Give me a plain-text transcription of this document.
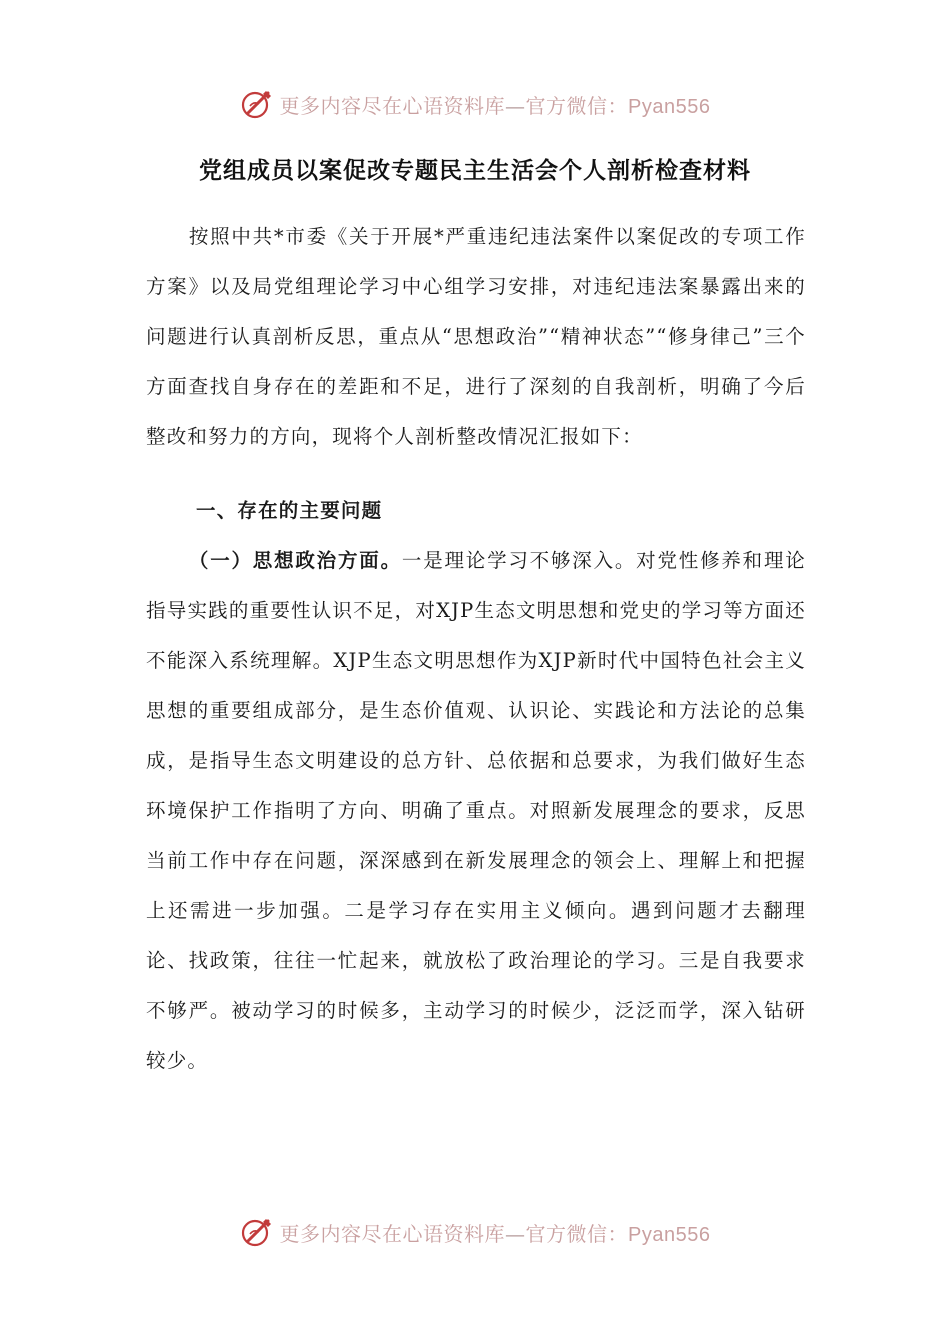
更多内容尽在心语资料库—官方微信：Pyan556
党组成员以案促改专题民主生活会个人剖析检查材料

按照中共*市委《关于开展*严重违纪违法案件以案促改的专项工作方案》以及局党组理论学习中心组学习安排，对违纪违法案暴露出来的问题进行认真剖析反思，重点从“思想政治”“精神状态”“修身律己”三个方面查找自身存在的差距和不足，进行了深刻的自我剖析，明确了今后整改和努力的方向，现将个人剖析整改情况汇报如下：

一、存在的主要问题

（一）思想政治方面。一是理论学习不够深入。对党性修养和理论指导实践的重要性认识不足，对XJP生态文明思想和党史的学习等方面还不能深入系统理解。XJP生态文明思想作为XJP新时代中国特色社会主义思想的重要组成部分，是生态价值观、认识论、实践论和方法论的总集成，是指导生态文明建设的总方针、总依据和总要求，为我们做好生态环境保护工作指明了方向、明确了重点。对照新发展理念的要求，反思当前工作中存在问题，深深感到在新发展理念的领会上、理解上和把握上还需进一步加强。二是学习存在实用主义倾向。遇到问题才去翻理论、找政策，往往一忙起来，就放松了政治理论的学习。三是自我要求不够严。被动学习的时候多，主动学习的时候少，泛泛而学，深入钻研较少。

更多内容尽在心语资料库—官方微信：Pyan556
